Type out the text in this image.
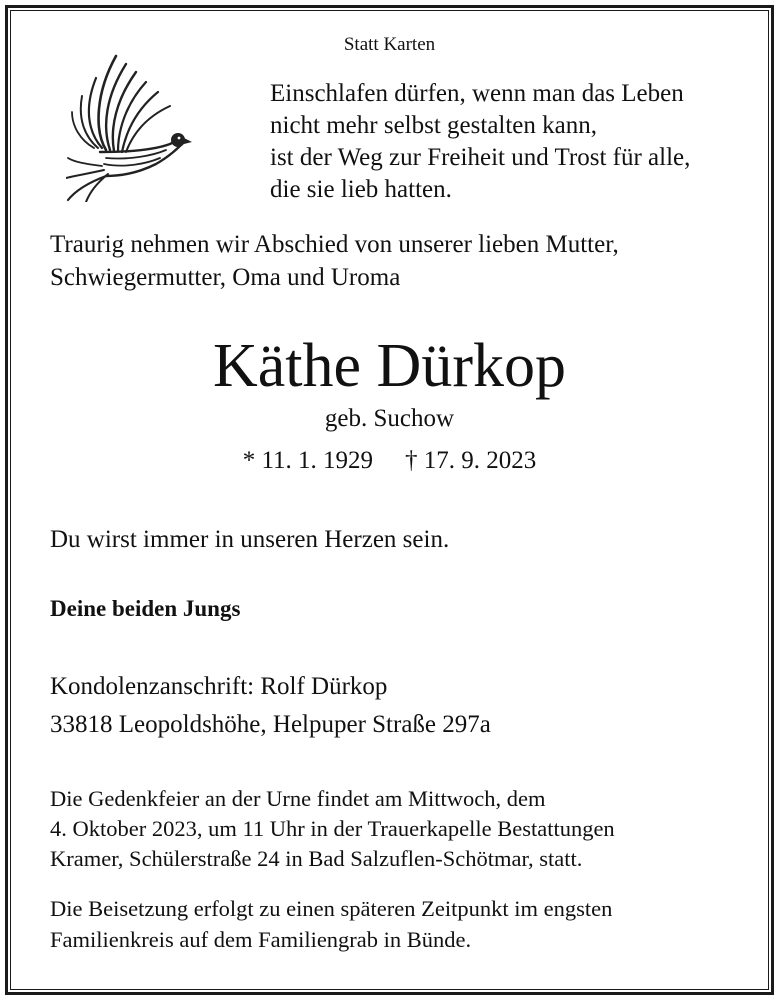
Statt Karten
Einschlafen dürfen, wenn man das Leben
nicht mehr selbst gestalten kann,
ist der Weg zur Freiheit und Trost für alle,
die sie lieb hatten.
Traurig nehmen wir Abschied von unserer lieben Mutter,
Schwiegermutter, Oma und Uroma
Käthe Dürkop
geb. Suchow
* 11. 1. 1929 † 17. 9. 2023
Du wirst immer in unseren Herzen sein.
Deine beiden Jungs
Kondolenzanschrift: Rolf Dürkop
33818 Leopoldshöhe, Helpuper Straße 297a
Die Gedenkfeier an der Urne findet am Mittwoch, dem
4. Oktober 2023, um 11 Uhr in der Trauerkapelle Bestattungen
Kramer, Schülerstraße 24 in Bad Salzuflen-Schötmar, statt.
Die Beisetzung erfolgt zu einen späteren Zeitpunkt im engsten
Familienkreis auf dem Familiengrab in Bünde.
